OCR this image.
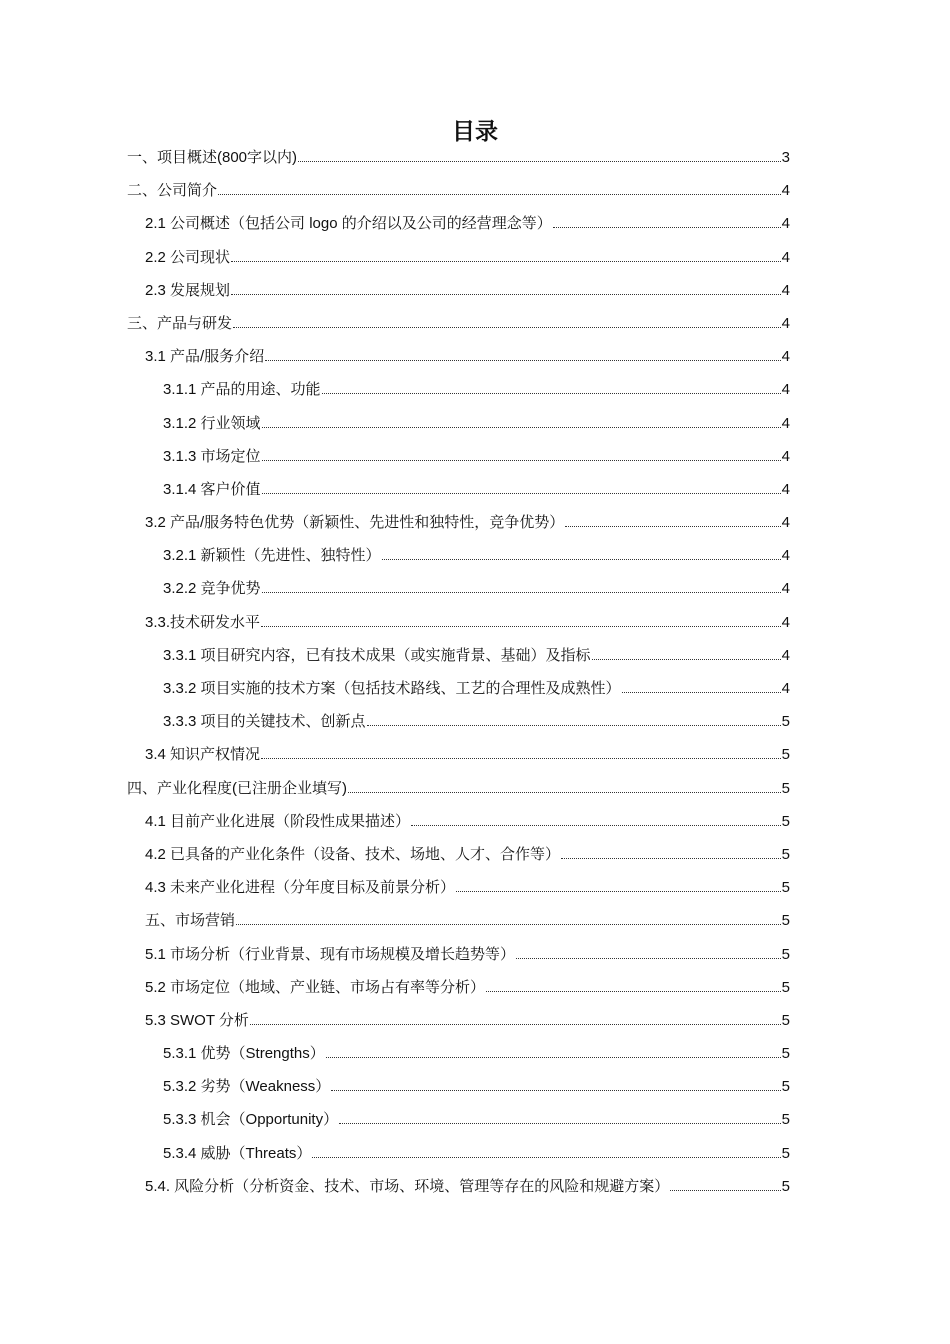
目录
一、项目概述(800字以内)	3
二、公司简介	4
2.1 公司概述（包括公司 logo 的介绍以及公司的经营理念等）	4
2.2 公司现状	4
2.3 发展规划	4
三、产品与研发	4
3.1 产品/服务介绍	4
3.1.1 产品的用途、功能	4
3.1.2 行业领域	4
3.1.3 市场定位	4
3.1.4 客户价值	4
3.2 产品/服务特色优势（新颖性、先进性和独特性，竞争优势）	4
3.2.1 新颖性（先进性、独特性）	4
3.2.2 竞争优势	4
3.3.技术研发水平	4
3.3.1 项目研究内容，已有技术成果（或实施背景、基础）及指标	4
3.3.2 项目实施的技术方案（包括技术路线、工艺的合理性及成熟性）	4
3.3.3 项目的关键技术、创新点	5
3.4 知识产权情况	5
四、产业化程度(已注册企业填写)	5
4.1 目前产业化进展（阶段性成果描述）	5
4.2 已具备的产业化条件（设备、技术、场地、人才、合作等）	5
4.3 未来产业化进程（分年度目标及前景分析）	5
五、市场营销	5
5.1 市场分析（行业背景、现有市场规模及增长趋势等）	5
5.2 市场定位（地域、产业链、市场占有率等分析）	5
5.3 SWOT 分析	5
5.3.1 优势（Strengths）	5
5.3.2 劣势（Weakness）	5
5.3.3 机会（Opportunity）	5
5.3.4 威胁（Threats）	5
5.4. 风险分析（分析资金、技术、市场、环境、管理等存在的风险和规避方案）	5
